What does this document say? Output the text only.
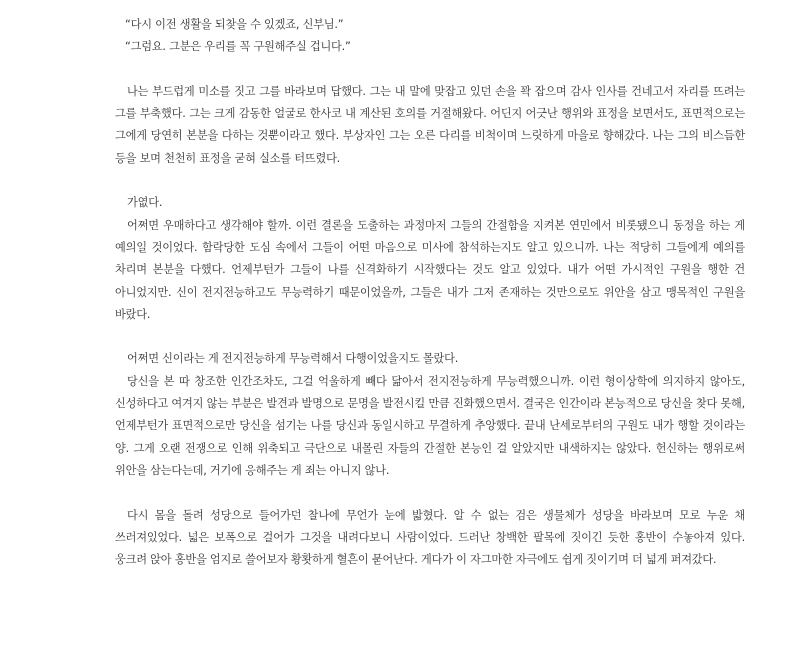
“다시 이전 생활을 되찾을 수 있겠죠, 신부님.”

“그럼요. 그분은 우리를 꼭 구원해주실 겁니다.”

나는 부드럽게 미소를 짓고 그를 바라보며 답했다. 그는 내 말에 맞잡고 있던 손을 꽉 잡으며 감사 인사를 건네고서 자리를 뜨려는 그를 부축했다. 그는 크게 감동한 얼굴로 한사코 내 계산된 호의를 거절해왔다. 어딘지 어긋난 행위와 표정을 보면서도, 표면적으로는 그에게 당연히 본분을 다하는 것뿐이라고 했다. 부상자인 그는 오른 다리를 비척이며 느릿하게 마을로 향해갔다. 나는 그의 비스듬한 등을 보며 천천히 표정을 굳혀 실소를 터뜨렸다.

가엾다.

어쩌면 우매하다고 생각해야 할까. 이런 결론을 도출하는 과정마저 그들의 간절함을 지켜본 연민에서 비롯됐으니 동정을 하는 게 예의일 것이었다. 함락당한 도심 속에서 그들이 어떤 마음으로 미사에 참석하는지도 알고 있으니까. 나는 적당히 그들에게 예의를 차리며 본분을 다했다. 언제부턴가 그들이 나를 신격화하기 시작했다는 것도 알고 있었다. 내가 어떤 가시적인 구원을 행한 건 아니었지만. 신이 전지전능하고도 무능력하기 때문이었을까, 그들은 내가 그저 존재하는 것만으로도 위안을 삼고 맹목적인 구원을 바랐다.

어쩌면 신이라는 게 전지전능하게 무능력해서 다행이었을지도 몰랐다.

당신을 본 따 창조한 인간조차도, 그걸 억울하게 빼다 닮아서 전지전능하게 무능력했으니까. 이런 형이상학에 의지하지 않아도, 신성하다고 여겨지 않는 부분은 발견과 발명으로 문명을 발전시킬 만큼 진화했으면서. 결국은 인간이라 본능적으로 당신을 찾다 못해, 언제부턴가 표면적으로만 당신을 섬기는 나를 당신과 동일시하고 무결하게 추앙했다. 끝내 난세로부터의 구원도 내가 행할 것이라는 양. 그게 오랜 전쟁으로 인해 위축되고 극단으로 내몰린 자들의 간절한 본능인 걸 알았지만 내색하지는 않았다. 헌신하는 행위로써 위안을 삼는다는데, 거기에 응해주는 게 죄는 아니지 않나.

다시 몸을 돌려 성당으로 들어가던 찰나에 무언가 눈에 밟혔다. 알 수 없는 검은 생물체가 성당을 바라보며 모로 누운 채 쓰러져있었다. 넓은 보폭으로 걸어가 그것을 내려다보니 사람이었다. 드러난 창백한 팔목에 짓이긴 듯한 홍반이 수놓아져 있다. 웅크려 앉아 홍반을 엄지로 쓸어보자 황홧하게 혈흔이 묻어난다. 게다가 이 자그마한 자극에도 쉽게 짓이기며 더 넓게 퍼져갔다.
